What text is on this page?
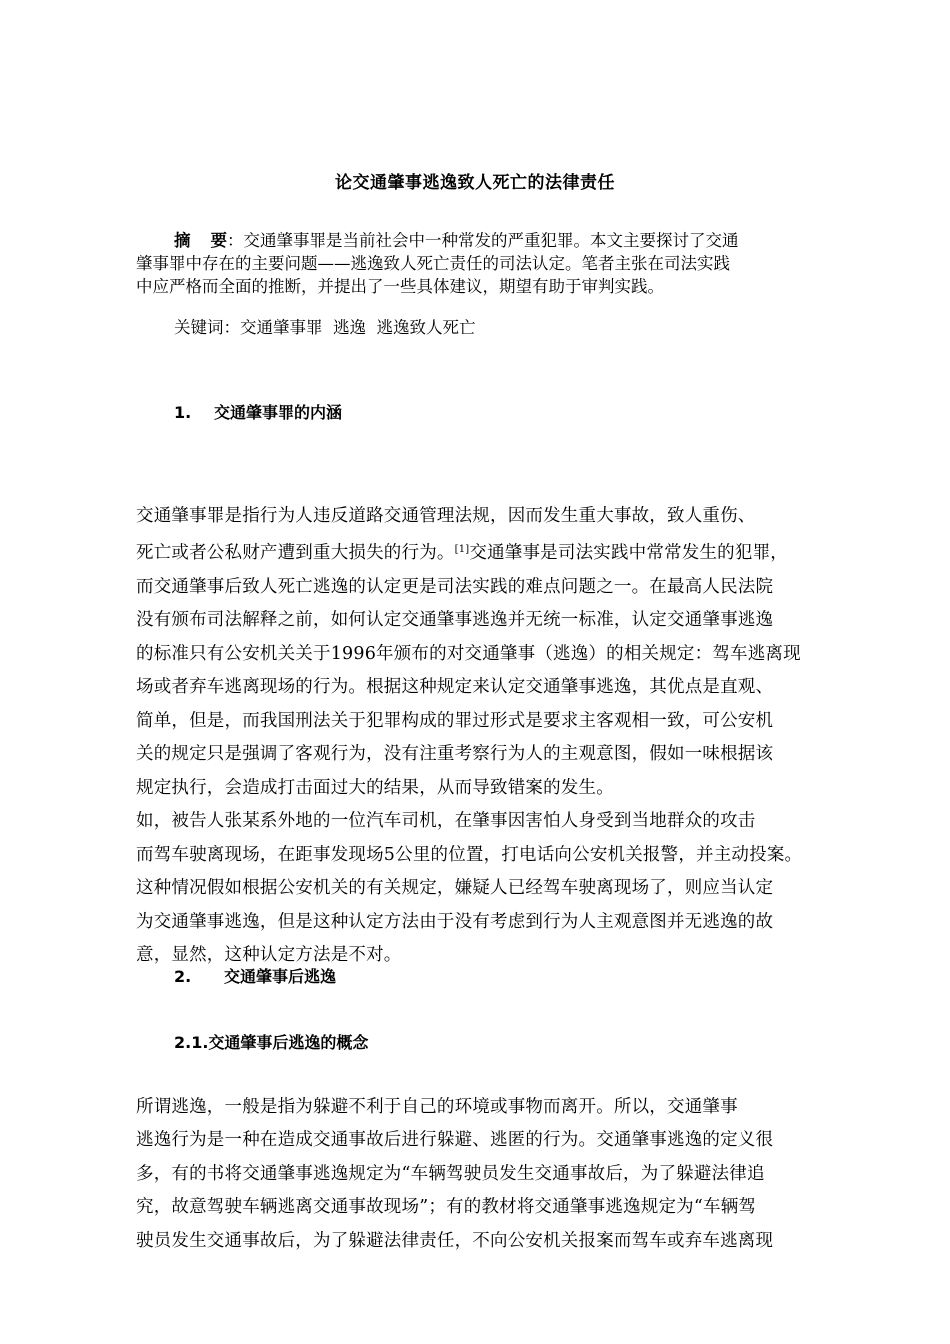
论交通肇事逃逸致人死亡的法律责任
摘 要：交通肇事罪是当前社会中一种常发的严重犯罪。本文主要探讨了交通
肇事罪中存在的主要问题——逃逸致人死亡责任的司法认定。笔者主张在司法实践
中应严格而全面的推断，并提出了一些具体建议，期望有助于审判实践。
关键词：交通肇事罪  逃逸  逃逸致人死亡
1. 交通肇事罪的内涵

交通肇事罪是指行为人违反道路交通管理法规，因而发生重大事故，致人重伤、
死亡或者公私财产遭到重大损失的行为。[1]交通肇事是司法实践中常常发生的犯罪，
而交通肇事后致人死亡逃逸的认定更是司法实践的难点问题之一。在最高人民法院
没有颁布司法解释之前，如何认定交通肇事逃逸并无统一标准，认定交通肇事逃逸
的标准只有公安机关关于1996年颁布的对交通肇事（逃逸）的相关规定：驾车逃离现
场或者弃车逃离现场的行为。根据这种规定来认定交通肇事逃逸，其优点是直观、
简单，但是，而我国刑法关于犯罪构成的罪过形式是要求主客观相一致，可公安机
关的规定只是强调了客观行为，没有注重考察行为人的主观意图，假如一味根据该
规定执行，会造成打击面过大的结果，从而导致错案的发生。
如，被告人张某系外地的一位汽车司机，在肇事因害怕人身受到当地群众的攻击
而驾车驶离现场，在距事发现场5公里的位置，打电话向公安机关报警，并主动投案。
这种情况假如根据公安机关的有关规定，嫌疑人已经驾车驶离现场了，则应当认定
为交通肇事逃逸，但是这种认定方法由于没有考虑到行为人主观意图并无逃逸的故
意，显然，这种认定方法是不对。
2. 交通肇事后逃逸
2.1.交通肇事后逃逸的概念

所谓逃逸，一般是指为躲避不利于自己的环境或事物而离开。所以，交通肇事
逃逸行为是一种在造成交通事故后进行躲避、逃匿的行为。交通肇事逃逸的定义很
多，有的书将交通肇事逃逸规定为“车辆驾驶员发生交通事故后，为了躲避法律追
究，故意驾驶车辆逃离交通事故现场”；有的教材将交通肇事逃逸规定为“车辆驾
驶员发生交通事故后，为了躲避法律责任，不向公安机关报案而驾车或弃车逃离现
